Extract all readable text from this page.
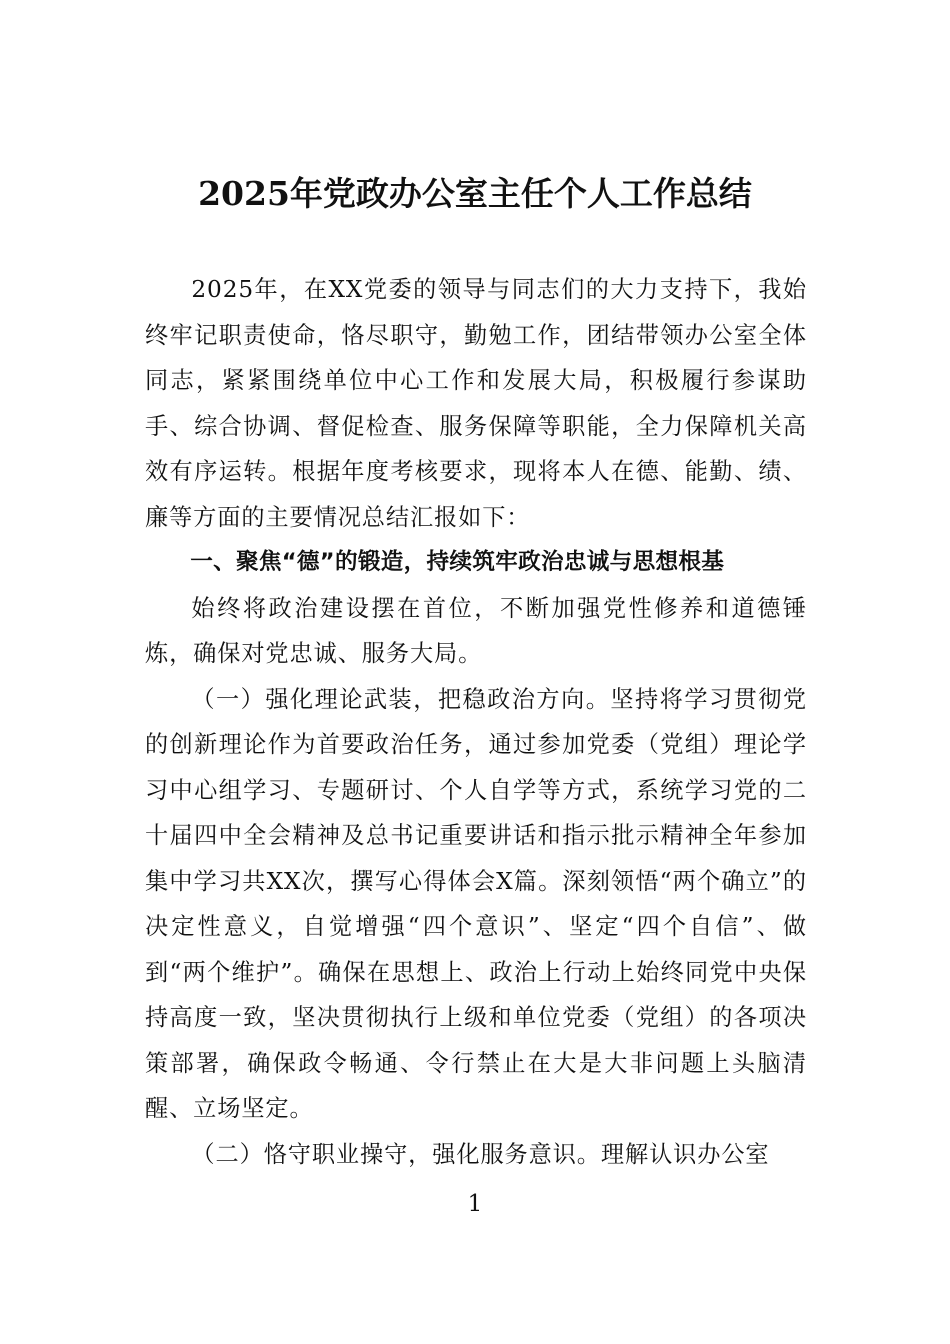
2025年党政办公室主任个人工作总结

2025年，在XX党委的领导与同志们的大力支持下，我始终牢记职责使命，恪尽职守，勤勉工作，团结带领办公室全体同志，紧紧围绕单位中心工作和发展大局，积极履行参谋助手、综合协调、督促检查、服务保障等职能，全力保障机关高效有序运转。根据年度考核要求，现将本人在德、能勤、绩、廉等方面的主要情况总结汇报如下：

一、聚焦“德”的锻造，持续筑牢政治忠诚与思想根基

始终将政治建设摆在首位，不断加强党性修养和道德锤炼，确保对党忠诚、服务大局。

（一）强化理论武装，把稳政治方向。坚持将学习贯彻党的创新理论作为首要政治任务，通过参加党委（党组）理论学习中心组学习、专题研讨、个人自学等方式，系统学习党的二十届四中全会精神及总书记重要讲话和指示批示精神全年参加集中学习共XX次，撰写心得体会X篇。深刻领悟“两个确立”的决定性意义，自觉增强“四个意识”、坚定“四个自信”、做到“两个维护”。确保在思想上、政治上行动上始终同党中央保持高度一致，坚决贯彻执行上级和单位党委（党组）的各项决策部署，确保政令畅通、令行禁止在大是大非问题上头脑清醒、立场坚定。

（二）恪守职业操守，强化服务意识。理解认识办公室

1
